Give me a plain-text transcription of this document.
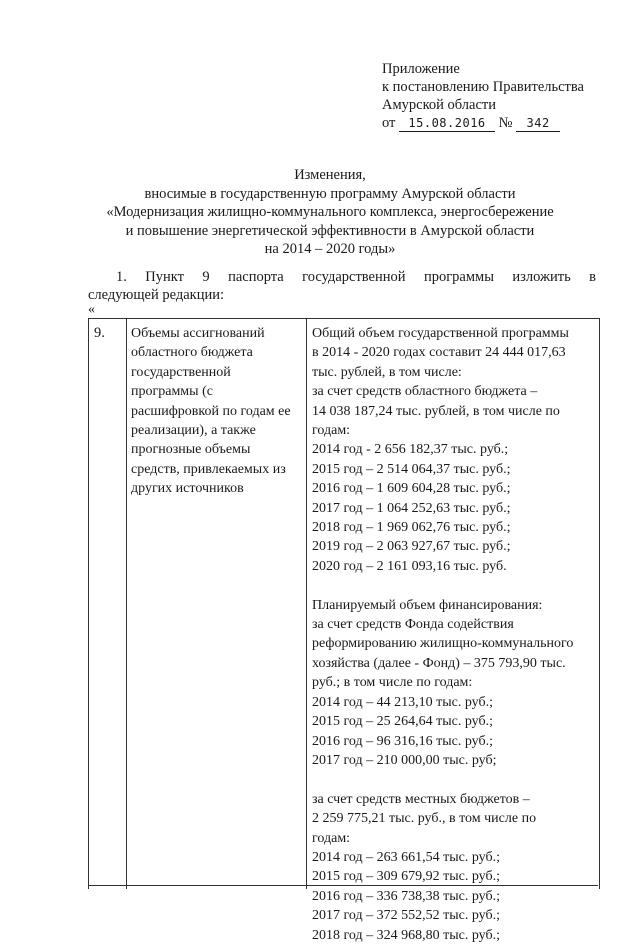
Приложение
к постановлению Правительства
Амурской области
от 15.08.2016 № 342
Изменения,
вносимые в государственную программу Амурской области
«Модернизация жилищно-коммунального комплекса, энергосбережение
и повышение энергетической эффективности в Амурской области
на 2014 – 2020 годы»
1. Пункт 9 паспорта государственной программы изложить в
следующей редакции:
«
9. Объемы ассигнований областного бюджета государственной программы (с расшифровкой по годам ее реализации), а также прогнозные объемы средств, привлекаемых из других источников
Общий объем государственной программы
в 2014 - 2020 годах составит 24 444 017,63
тыс. рублей, в том числе:
за счет средств областного бюджета –
14 038 187,24 тыс. рублей, в том числе по
годам:
2014 год - 2 656 182,37 тыс. руб.;
2015 год – 2 514 064,37 тыс. руб.;
2016 год – 1 609 604,28 тыс. руб.;
2017 год – 1 064 252,63 тыс. руб.;
2018 год – 1 969 062,76 тыс. руб.;
2019 год – 2 063 927,67 тыс. руб.;
2020 год – 2 161 093,16 тыс. руб.
Планируемый объем финансирования:
за счет средств Фонда содействия
реформированию жилищно-коммунального
хозяйства (далее - Фонд) – 375 793,90 тыс.
руб.; в том числе по годам:
2014 год – 44 213,10 тыс. руб.;
2015 год – 25 264,64 тыс. руб.;
2016 год – 96 316,16 тыс. руб.;
2017 год – 210 000,00 тыс. руб;
за счет средств местных бюджетов –
2 259 775,21 тыс. руб., в том числе по
годам:
2014 год – 263 661,54 тыс. руб.;
2015 год – 309 679,92 тыс. руб.;
2016 год – 336 738,38 тыс. руб.;
2017 год – 372 552,52 тыс. руб.;
2018 год – 324 968,80 тыс. руб.;
